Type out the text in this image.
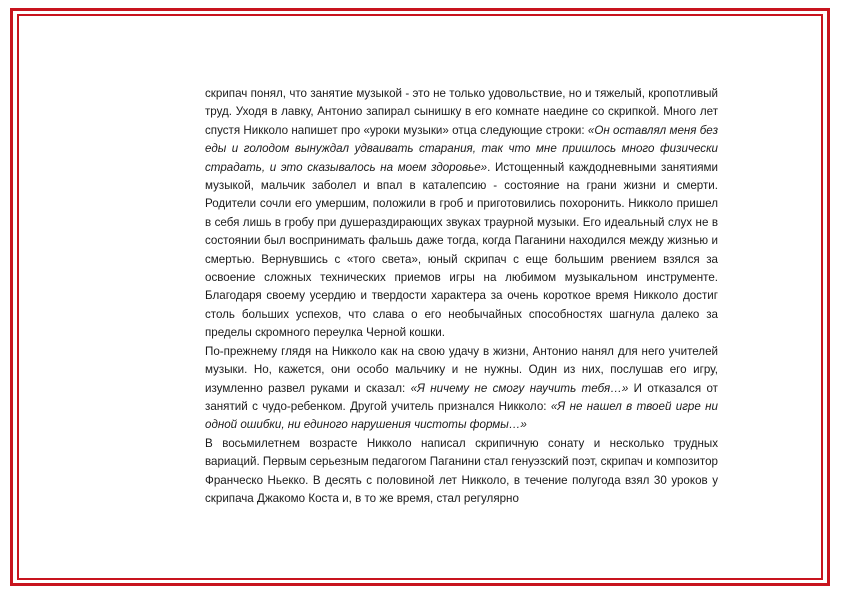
скрипач понял, что занятие музыкой - это не только удовольствие, но и тяжелый, кропотливый труд. Уходя в лавку, Антонио запирал сынишку в его комнате наедине со скрипкой. Много лет спустя Никколо напишет про «уроки музыки» отца следующие строки: «Он оставлял меня без еды и голодом вынуждал удваивать старания, так что мне пришлось много физически страдать, и это сказывалось на моем здоровье». Истощенный каждодневными занятиями музыкой, мальчик заболел и впал в каталепсию - состояние на грани жизни и смерти. Родители сочли его умершим, положили в гроб и приготовились похоронить. Никколо пришел в себя лишь в гробу при душераздирающих звуках траурной музыки. Его идеальный слух не в состоянии был воспринимать фальшь даже тогда, когда Паганини находился между жизнью и смертью. Вернувшись с «того света», юный скрипач с еще большим рвением взялся за освоение сложных технических приемов игры на любимом музыкальном инструменте. Благодаря своему усердию и твердости характера за очень короткое время Никколо достиг столь больших успехов, что слава о его необычайных способностях шагнула далеко за пределы скромного переулка Черной кошки.

По-прежнему глядя на Никколо как на свою удачу в жизни, Антонио нанял для него учителей музыки. Но, кажется, они особо мальчику и не нужны. Один из них, послушав его игру, изумленно развел руками и сказал: «Я ничему не смогу научить тебя…» И отказался от занятий с чудо-ребенком. Другой учитель признался Никколо: «Я не нашел в твоей игре ни одной ошибки, ни единого нарушения чистоты формы…»

В восьмилетнем возрасте Никколо написал скрипичную сонату и несколько трудных вариаций. Первым серьезным педагогом Паганини стал генуэзский поэт, скрипач и композитор Франческо Ньекко. В десять с половиной лет Никколо, в течение полугода взял 30 уроков у скрипача Джакомо Коста и, в то же время, стал регулярно
